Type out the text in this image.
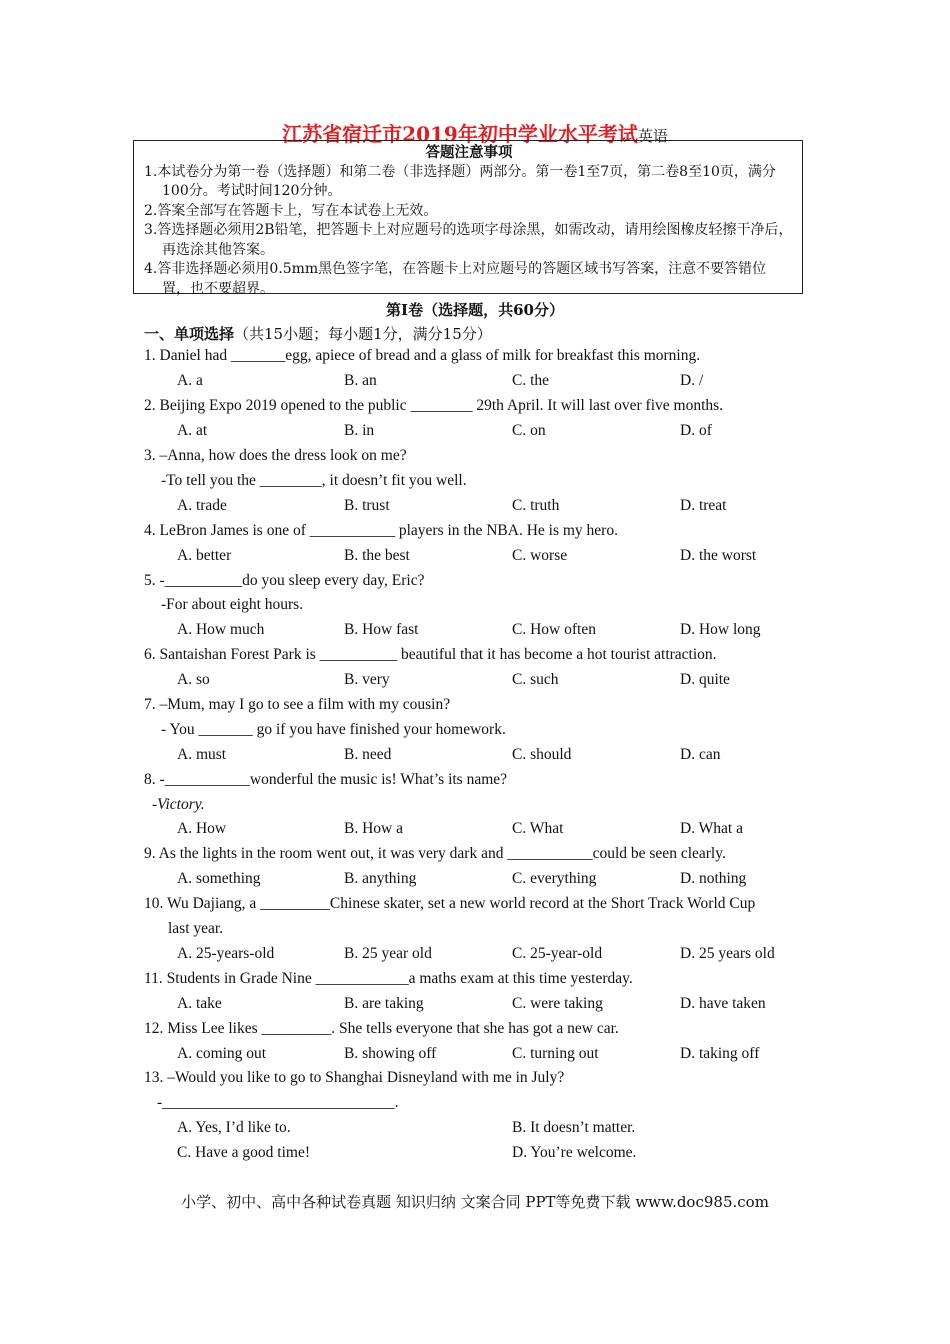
江苏省宿迁市2019年初中学业水平考试英语
答题注意事项
1.本试卷分为第一卷（选择题）和第二卷（非选择题）两部分。第一卷1至7页，第二卷8至10页，满分100分。考试时间120分钟。
2.答案全部写在答题卡上，写在本试卷上无效。
3.答选择题必须用2B铅笔，把答题卡上对应题号的选项字母涂黑，如需改动，请用绘图橡皮轻擦干净后，再选涂其他答案。
4.答非选择题必须用0.5mm黑色签字笔，在答题卡上对应题号的答题区域书写答案，注意不要答错位置，也不要超界。
第Ⅰ卷（选择题，共60分）
一、单项选择（共15小题；每小题1分，满分15分）
1. Daniel had _______egg, apiece of bread and a glass of milk for breakfast this morning.
A. a	B. an	C. the	D. /
2. Beijing Expo 2019 opened to the public ________ 29th April. It will last over five months.
A. at	B. in	C. on	D. of
3. –Anna, how does the dress look on me?
-To tell you the ________, it doesn’t fit you well.
A. trade	B. trust	C. truth	D. treat
4. LeBron James is one of ___________ players in the NBA. He is my hero.
A. better	B. the best	C. worse	D. the worst
5. -__________do you sleep every day, Eric?
-For about eight hours.
A. How much	B. How fast	C. How often	D. How long
6. Santaishan Forest Park is __________ beautiful that it has become a hot tourist attraction.
A. so	B. very	C. such	D. quite
7. –Mum, may I go to see a film with my cousin?
- You _______ go if you have finished your homework.
A. must	B. need	C. should	D. can
8. -___________wonderful the music is! What’s its name?
-Victory.
A. How	B. How a	C. What	D. What a
9. As the lights in the room went out, it was very dark and ___________could be seen clearly.
A. something	B. anything	C. everything	D. nothing
10. Wu Dajiang, a _________Chinese skater, set a new world record at the Short Track World Cup
last year.
A. 25-years-old	B. 25 year old	C. 25-year-old	D. 25 years old
11. Students in Grade Nine ____________a maths exam at this time yesterday.
A. take	B. are taking	C. were taking	D. have taken
12. Miss Lee likes _________. She tells everyone that she has got a new car.
A. coming out	B. showing off	C. turning out	D. taking off
13. –Would you like to go to Shanghai Disneyland with me in July?
-______________________________.
A. Yes, I’d like to.	B. It doesn’t matter.
C. Have a good time!	D. You’re welcome.
小学、初中、高中各种试卷真题 知识归纳 文案合同 PPT等免费下载 www.doc985.com
